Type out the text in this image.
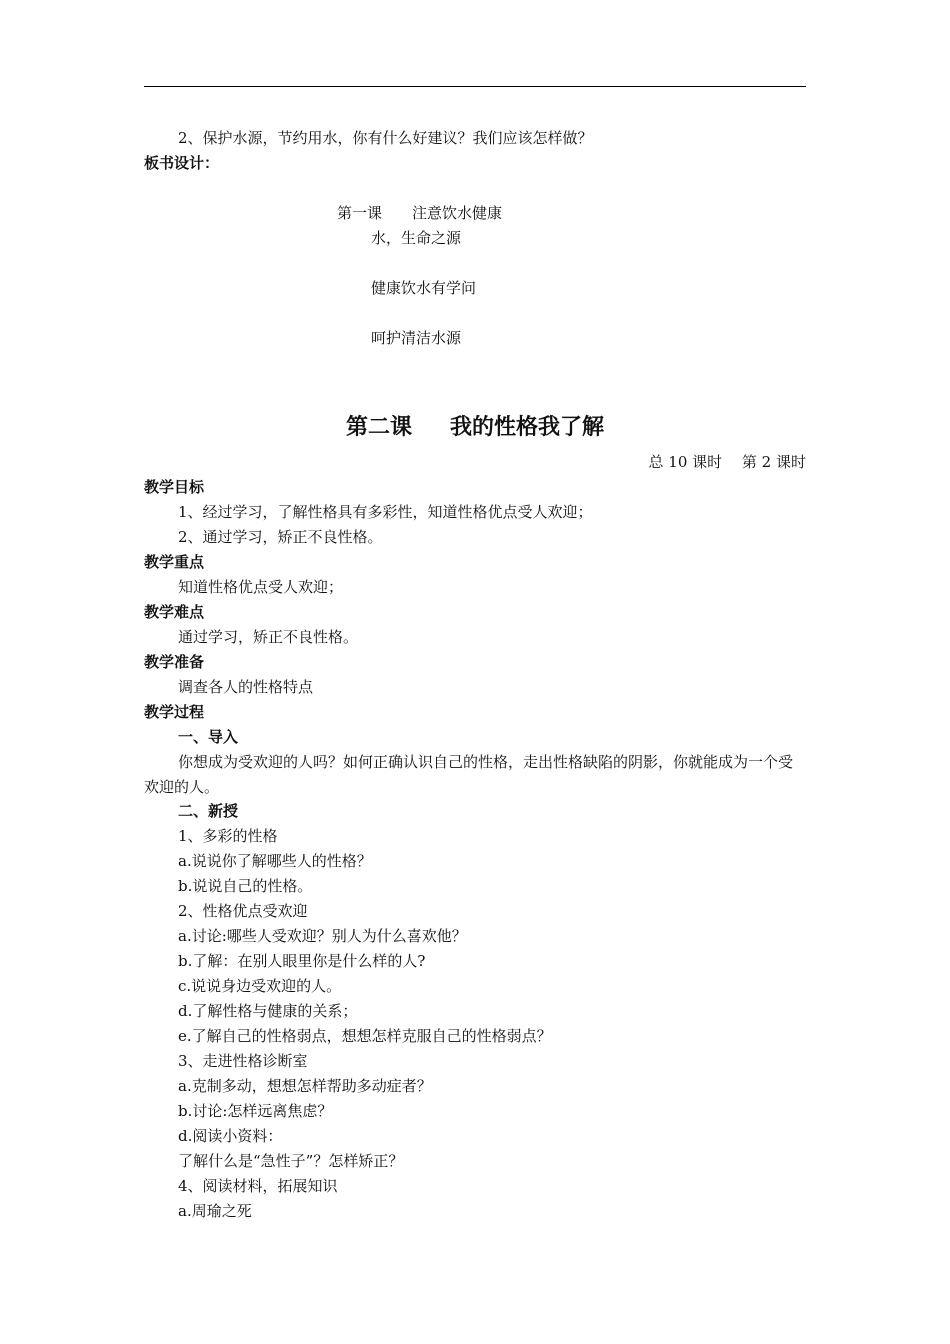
2、保护水源，节约用水，你有什么好建议？我们应该怎样做？
板书设计：
第一课　　注意饮水健康
水，生命之源
健康饮水有学问
呵护清洁水源
第二课 我的性格我了解
总 10 课时　 第 2 课时
教学目标
1、经过学习，了解性格具有多彩性，知道性格优点受人欢迎；
2、通过学习，矫正不良性格。
教学重点
知道性格优点受人欢迎；
教学难点
通过学习，矫正不良性格。
教学准备
调查各人的性格特点
教学过程
一、导入
你想成为受欢迎的人吗？如何正确认识自己的性格，走出性格缺陷的阴影，你就能成为一个受欢迎的人。
二、新授
1、多彩的性格
a.说说你了解哪些人的性格？
b.说说自己的性格。
2、性格优点受欢迎
a.讨论:哪些人受欢迎？别人为什么喜欢他？
b.了解：在别人眼里你是什么样的人?
c.说说身边受欢迎的人。
d.了解性格与健康的关系；
e.了解自己的性格弱点，想想怎样克服自己的性格弱点？
3、走进性格诊断室
a.克制多动，想想怎样帮助多动症者？
b.讨论:怎样远离焦虑？
d.阅读小资料：
了解什么是“急性子”？怎样矫正？
4、阅读材料，拓展知识
a.周瑜之死
